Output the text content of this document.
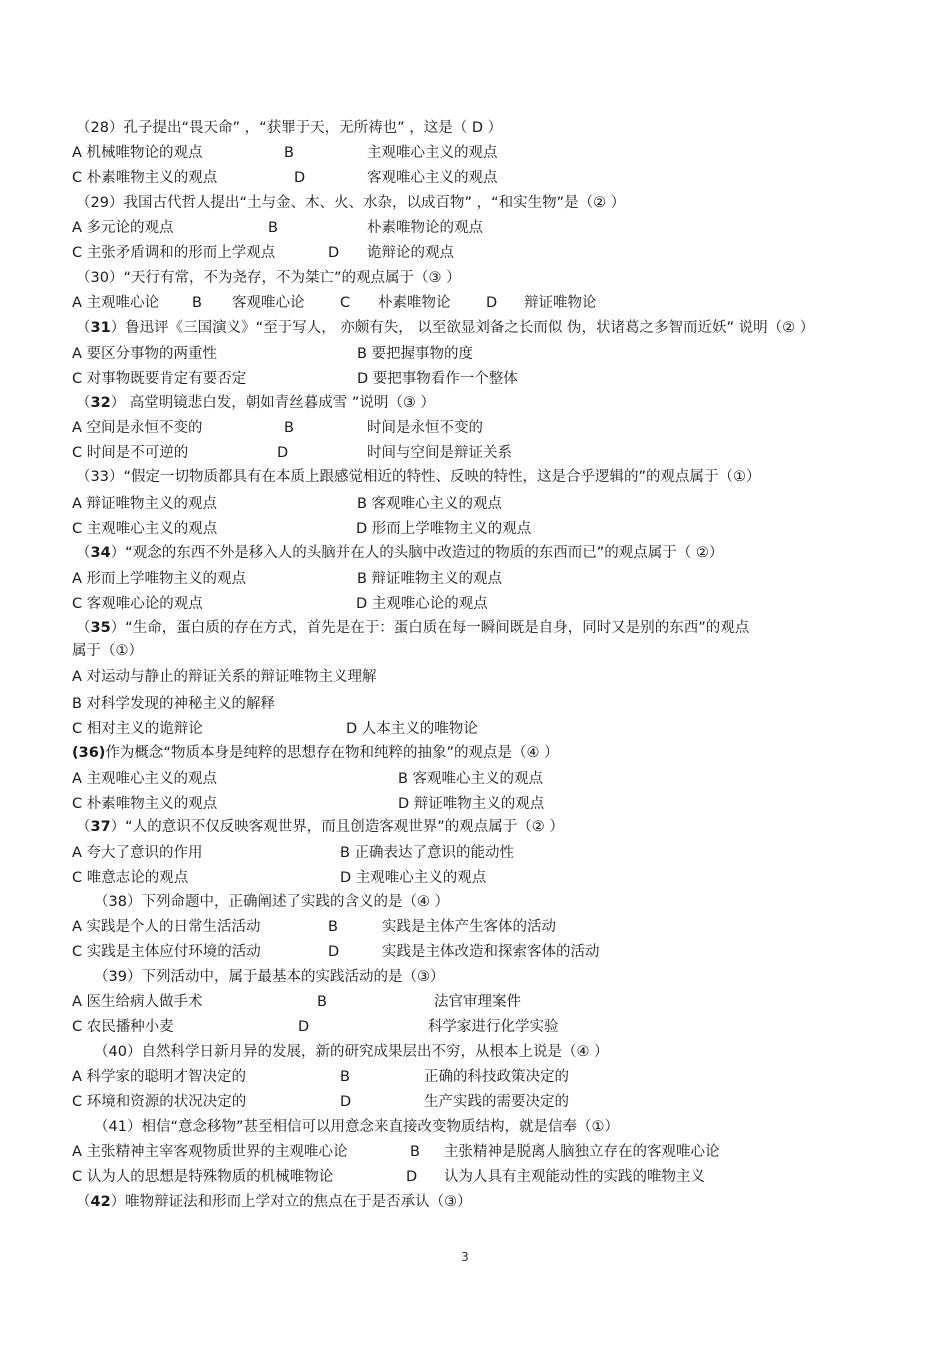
（28）孔子提出“畏天命” ，“获罪于天，无所祷也” ，这是（ D ）
A 机械唯物论的观点	B	主观唯心主义的观点
C 朴素唯物主义的观点	D	客观唯心主义的观点
（29）我国古代哲人提出“土与金、木、火、水杂，以成百物” ，“和实生物”是（② ）
A 多元论的观点	B	朴素唯物论的观点
C 主张矛盾调和的形而上学观点	D 诡辩论的观点
（30）“天行有常，不为尧存，不为桀亡”的观点属于（③ ）
A 主观唯心论 B 客观唯心论 C 朴素唯物论 D 辩证唯物论
（31）鲁迅评《三国演义》“至于写人， 亦颇有失， 以至欲显刘备之长而似 伪，状诸葛之多智而近妖” 说明（② ）
A 要区分事物的两重性	B 要把握事物的度
C 对事物既要肯定有要否定	D 要把事物看作一个整体
（32） 高堂明镜悲白发，朝如青丝暮成雪 ”说明（③ ）
A 空间是永恒不变的	B	时间是永恒不变的
C 时间是不可逆的	D	时间与空间是辩证关系
（33）“假定一切物质都具有在本质上跟感觉相近的特性、反映的特性，这是合乎逻辑的”的观点属于（①）
A 辩证唯物主义的观点	B 客观唯心主义的观点
C 主观唯心主义的观点	D 形而上学唯物主义的观点
（34）“观念的东西不外是移入人的头脑并在人的头脑中改造过的物质的东西而已”的观点属于（ ②）
A 形而上学唯物主义的观点	B 辩证唯物主义的观点
C 客观唯心论的观点	D 主观唯心论的观点
（35）“生命，蛋白质的存在方式，首先是在于：蛋白质在每一瞬间既是自身，同时又是别的东西”的观点
属于（①）
A 对运动与静止的辩证关系的辩证唯物主义理解
B 对科学发现的神秘主义的解释
C 相对主义的诡辩论	D 人本主义的唯物论
(36)作为概念“物质本身是纯粹的思想存在物和纯粹的抽象”的观点是（④ ）
A 主观唯心主义的观点	B 客观唯心主义的观点
C 朴素唯物主义的观点	D 辩证唯物主义的观点
（37）“人的意识不仅反映客观世界，而且创造客观世界”的观点属于（② ）
A 夸大了意识的作用	B 正确表达了意识的能动性
C 唯意志论的观点	D 主观唯心主义的观点
（38）下列命题中，正确阐述了实践的含义的是（④ ）
A 实践是个人的日常生活活动	B	实践是主体产生客体的活动
C 实践是主体应付环境的活动	D	实践是主体改造和探索客体的活动
（39）下列活动中，属于最基本的实践活动的是（③）
A 医生给病人做手术	B	法官审理案件
C 农民播种小麦	D	科学家进行化学实验
（40）自然科学日新月异的发展，新的研究成果层出不穷，从根本上说是（④ ）
A 科学家的聪明才智决定的	B	正确的科技政策决定的
C 环境和资源的状况决定的	D	生产实践的需要决定的
（41）相信“意念移物”甚至相信可以用意念来直接改变物质结构，就是信奉（①）
A 主张精神主宰客观物质世界的主观唯心论	B 主张精神是脱离人脑独立存在的客观唯心论
C 认为人的思想是特殊物质的机械唯物论	D 认为人具有主观能动性的实践的唯物主义
（42）唯物辩证法和形而上学对立的焦点在于是否承认（③）
3
